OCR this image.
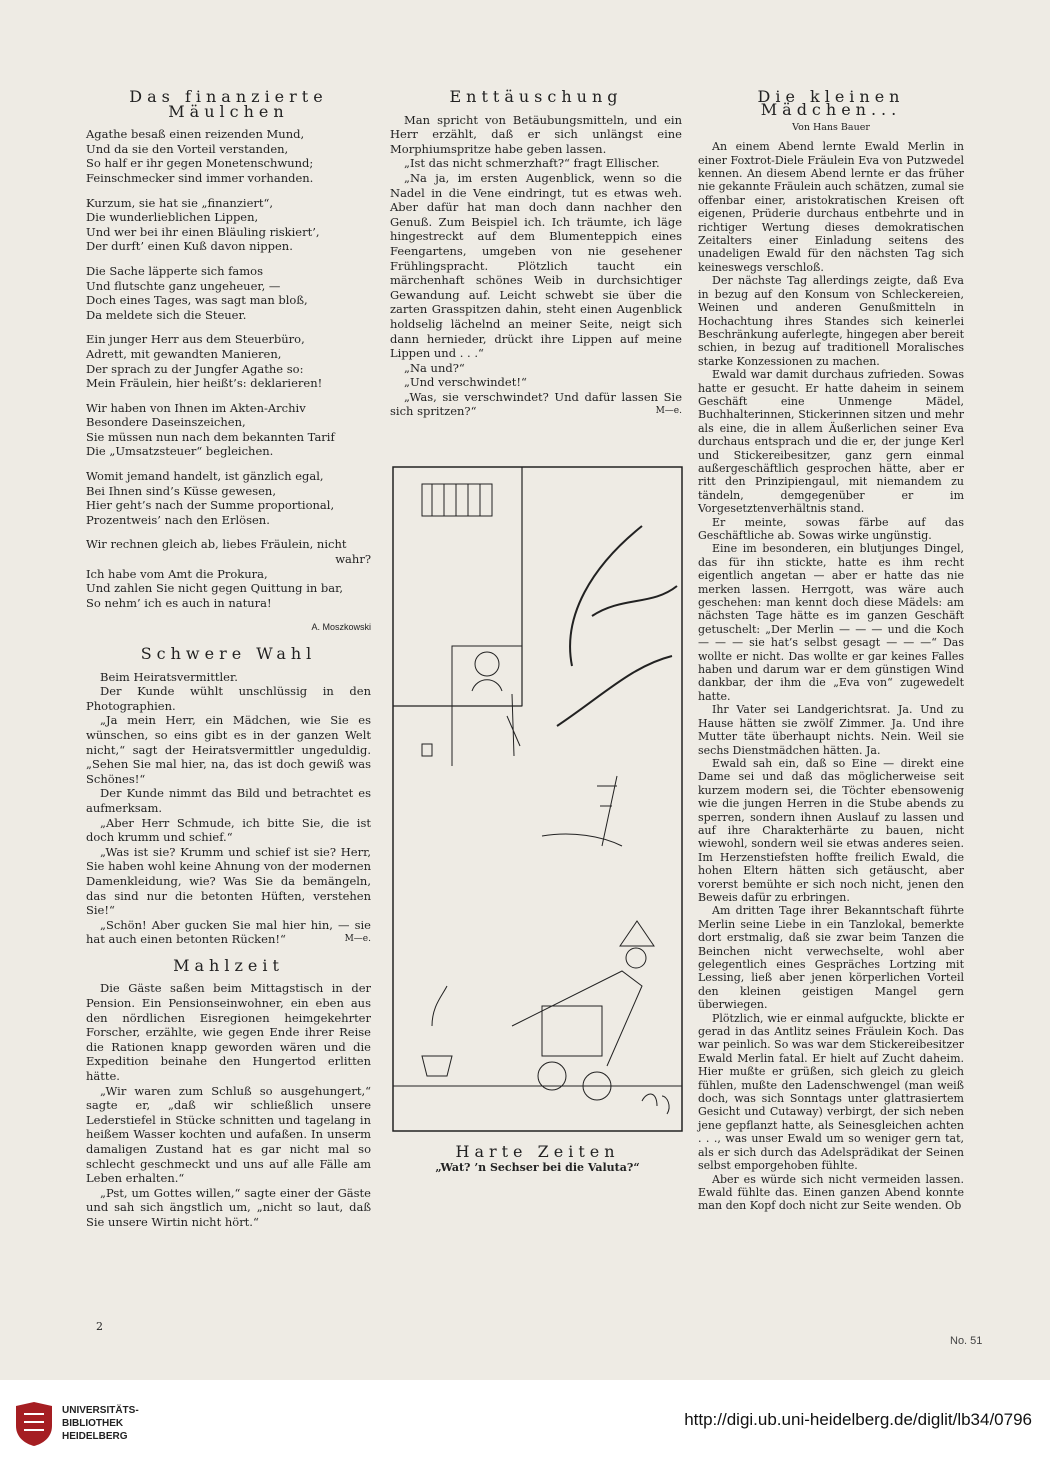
Das finanzierte Mäulchen

Agathe besaß einen reizenden Mund,

Und da sie den Vorteil verstanden,

So half er ihr gegen Monetenschwund;

Feinschmecker sind immer vorhanden.

Kurzum, sie hat sie „finanziert“,

Die wunderlieblichen Lippen,

Und wer bei ihr einen Bläuling riskiert’,

Der durft’ einen Kuß davon nippen.

Die Sache läpperte sich famos

Und flutschte ganz ungeheuer, —

Doch eines Tages, was sagt man bloß,

Da meldete sich die Steuer.

Ein junger Herr aus dem Steuerbüro,

Adrett, mit gewandten Manieren,

Der sprach zu der Jungfer Agathe so:

Mein Fräulein, hier heißt’s: deklarieren!

Wir haben von Ihnen im Akten-Archiv

Besondere Daseinszeichen,

Sie müssen nun nach dem bekannten Tarif

Die „Umsatzsteuer“ begleichen.

Womit jemand handelt, ist gänzlich egal,

Bei Ihnen sind’s Küsse gewesen,

Hier geht’s nach der Summe proportional,

Prozentweis’ nach den Erlösen.

Wir rechnen gleich ab, liebes Fräulein, nicht

wahr?

Ich habe vom Amt die Prokura,

Und zahlen Sie nicht gegen Quittung in bar,

So nehm’ ich es auch in natura!

A. Moszkowski
Schwere Wahl

Beim Heiratsvermittler.

Der Kunde wühlt unschlüssig in den Photographien.

„Ja mein Herr, ein Mädchen, wie Sie es wünschen, so eins gibt es in der ganzen Welt nicht,“ sagt der Heiratsvermittler ungeduldig. „Sehen Sie mal hier, na, das ist doch gewiß was Schönes!“

Der Kunde nimmt das Bild und betrachtet es aufmerksam.

„Aber Herr Schmude, ich bitte Sie, die ist doch krumm und schief.“

„Was ist sie? Krumm und schief ist sie? Herr, Sie haben wohl keine Ahnung von der modernen Damenkleidung, wie? Was Sie da bemängeln, das sind nur die betonten Hüften, verstehen Sie!“

„Schön! Aber gucken Sie mal hier hin, — sie hat auch einen betonten Rücken!“	M—e.

Mahlzeit

Die Gäste saßen beim Mittagstisch in der Pension. Ein Pensionseinwohner, ein eben aus den nördlichen Eisregionen heimgekehrter Forscher, erzählte, wie gegen Ende ihrer Reise die Rationen knapp geworden wären und die Expedition beinahe den Hungertod erlitten hätte.

„Wir waren zum Schluß so ausgehungert,“ sagte er, „daß wir schließlich unsere Lederstiefel in Stücke schnitten und tagelang in heißem Wasser kochten und aufaßen. In unserm damaligen Zustand hat es gar nicht mal so schlecht geschmeckt und uns auf alle Fälle am Leben erhalten.“

„Pst, um Gottes willen,“ sagte einer der Gäste und sah sich ängstlich um, „nicht so laut, daß Sie unsere Wirtin nicht hört.“

Enttäuschung

Man spricht von Betäubungsmitteln, und ein Herr erzählt, daß er sich unlängst eine Morphiumspritze habe geben lassen.

„Ist das nicht schmerzhaft?“ fragt Ellischer.

„Na ja, im ersten Augenblick, wenn so die Nadel in die Vene eindringt, tut es etwas weh. Aber dafür hat man doch dann nachher den Genuß. Zum Beispiel ich. Ich träumte, ich läge hingestreckt auf dem Blumenteppich eines Feengartens, umgeben von nie gesehener Frühlingspracht. Plötzlich taucht ein märchenhaft schönes Weib in durchsichtiger Gewandung auf. Leicht schwebt sie über die zarten Grasspitzen dahin, steht einen Augenblick holdselig lächelnd an meiner Seite, neigt sich dann hernieder, drückt ihre Lippen auf meine Lippen und . . .“

„Na und?“

„Und verschwindet!“

„Was, sie verschwindet? Und dafür lassen Sie sich spritzen?“	M—e.

Harte Zeiten
„Wat? ’n Sechser bei die Valuta?“
Die kleinen Mädchen...
Von Hans Bauer

An einem Abend lernte Ewald Merlin in einer Foxtrot-Diele Fräulein Eva von Putzwedel kennen. An diesem Abend lernte er das früher nie gekannte Fräulein auch schätzen, zumal sie offenbar einer, aristokratischen Kreisen oft eigenen, Prüderie durchaus entbehrte und in richtiger Wertung dieses demokratischen Zeitalters einer Einladung seitens des unadeligen Ewald für den nächsten Tag sich keineswegs verschloß.

Der nächste Tag allerdings zeigte, daß Eva in bezug auf den Konsum von Schleckereien, Weinen und anderen Genußmitteln in Hochachtung ihres Standes sich keinerlei Beschränkung auferlegte, hingegen aber bereit schien, in bezug auf traditionell Moralisches starke Konzessionen zu machen.

Ewald war damit durchaus zufrieden. Sowas hatte er gesucht. Er hatte daheim in seinem Geschäft eine Unmenge Mädel, Buchhalterinnen, Stickerinnen sitzen und mehr als eine, die in allem Äußerlichen seiner Eva durchaus entsprach und die er, der junge Kerl und Stickereibesitzer, ganz gern einmal außergeschäftlich gesprochen hätte, aber er ritt den Prinzipiengaul, mit niemandem zu tändeln, demgegenüber er im Vorgesetztenverhältnis stand.

Er meinte, sowas färbe auf das Geschäftliche ab. Sowas wirke ungünstig.

Eine im besonderen, ein blutjunges Dingel, das für ihn stickte, hatte es ihm recht eigentlich angetan — aber er hatte das nie merken lassen. Herrgott, was wäre auch geschehen: man kennt doch diese Mädels: am nächsten Tage hätte es im ganzen Geschäft getuschelt: „Der Merlin — — — und die Koch — — — sie hat’s selbst gesagt — — —“ Das wollte er nicht. Das wollte er gar keines Falles haben und darum war er dem günstigen Wind dankbar, der ihm die „Eva von“ zugewedelt hatte.

Ihr Vater sei Landgerichtsrat. Ja. Und zu Hause hätten sie zwölf Zimmer. Ja. Und ihre Mutter täte überhaupt nichts. Nein. Weil sie sechs Dienstmädchen hätten. Ja.

Ewald sah ein, daß so Eine — direkt eine Dame sei und daß das möglicherweise seit kurzem modern sei, die Töchter ebensowenig wie die jungen Herren in die Stube abends zu sperren, sondern ihnen Auslauf zu lassen und auf ihre Charakterhärte zu bauen, nicht wiewohl, sondern weil sie etwas anderes seien. Im Herzenstiefsten hoffte freilich Ewald, die hohen Eltern hätten sich getäuscht, aber vorerst bemühte er sich noch nicht, jenen den Beweis dafür zu erbringen.

Am dritten Tage ihrer Bekanntschaft führte Merlin seine Liebe in ein Tanzlokal, bemerkte dort erstmalig, daß sie zwar beim Tanzen die Beinchen nicht verwechselte, wohl aber gelegentlich eines Gespräches Lortzing mit Lessing, ließ aber jenen körperlichen Vorteil den kleinen geistigen Mangel gern überwiegen.

Plötzlich, wie er einmal aufguckte, blickte er gerad in das Antlitz seines Fräulein Koch. Das war peinlich. So was war dem Stickereibesitzer Ewald Merlin fatal. Er hielt auf Zucht daheim. Hier mußte er grüßen, sich gleich zu gleich fühlen, mußte den Ladenschwengel (man weiß doch, was sich Sonntags unter glattrasiertem Gesicht und Cutaway) verbirgt, der sich neben jene gepflanzt hatte, als Seinesgleichen achten . . ., was unser Ewald um so weniger gern tat, als er sich durch das Adelsprädikat der Seinen selbst emporgehoben fühlte.

Aber es würde sich nicht vermeiden lassen. Ewald fühlte das. Einen ganzen Abend konnte man den Kopf doch nicht zur Seite wenden. Ob

2
No. 51
UNIVERSITÄTS-
BIBLIOTHEK
HEIDELBERG
http://digi.ub.uni-heidelberg.de/diglit/lb34/0796
